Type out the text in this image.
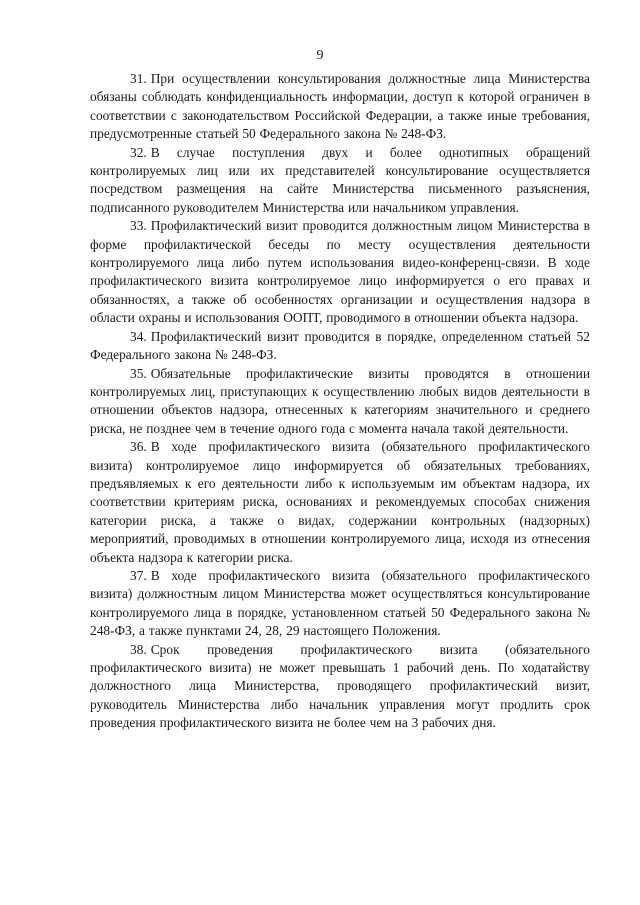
9

31. При осуществлении консультирования должностные лица Министерства обязаны соблюдать конфиденциальность информации, доступ к которой ограничен в соответствии с законодательством Российской Федерации, а также иные требования, предусмотренные статьей 50 Федерального закона № 248-ФЗ.

32. В случае поступления двух и более однотипных обращений контролируемых лиц или их представителей консультирование осуществляется посредством размещения на сайте Министерства письменного разъяснения, подписанного руководителем Министерства или начальником управления.

33. Профилактический визит проводится должностным лицом Министерства в форме профилактической беседы по месту осуществления деятельности контролируемого лица либо путем использования видео-конференц-связи. В ходе профилактического визита контролируемое лицо информируется о его правах и обязанностях, а также об особенностях организации и осуществления надзора в области охраны и использования ООПТ, проводимого в отношении объекта надзора.

34. Профилактический визит проводится в порядке, определенном статьей 52 Федерального закона № 248-ФЗ.

35. Обязательные профилактические визиты проводятся в отношении контролируемых лиц, приступающих к осуществлению любых видов деятельности в отношении объектов надзора, отнесенных к категориям значительного и среднего риска, не позднее чем в течение одного года с момента начала такой деятельности.

36. В ходе профилактического визита (обязательного профилактического визита) контролируемое лицо информируется об обязательных требованиях, предъявляемых к его деятельности либо к используемым им объектам надзора, их соответствии критериям риска, основаниях и рекомендуемых способах снижения категории риска, а также о видах, содержании контрольных (надзорных) мероприятий, проводимых в отношении контролируемого лица, исходя из отнесения объекта надзора к категории риска.

37. В ходе профилактического визита (обязательного профилактического визита) должностным лицом Министерства может осуществляться консультирование контролируемого лица в порядке, установленном статьей 50 Федерального закона № 248-ФЗ, а также пунктами 24, 28, 29 настоящего Положения.

38. Срок проведения профилактического визита (обязательного профилактического визита) не может превышать 1 рабочий день. По ходатайству должностного лица Министерства, проводящего профилактический визит, руководитель Министерства либо начальник управления могут продлить срок проведения профилактического визита не более чем на 3 рабочих дня.
